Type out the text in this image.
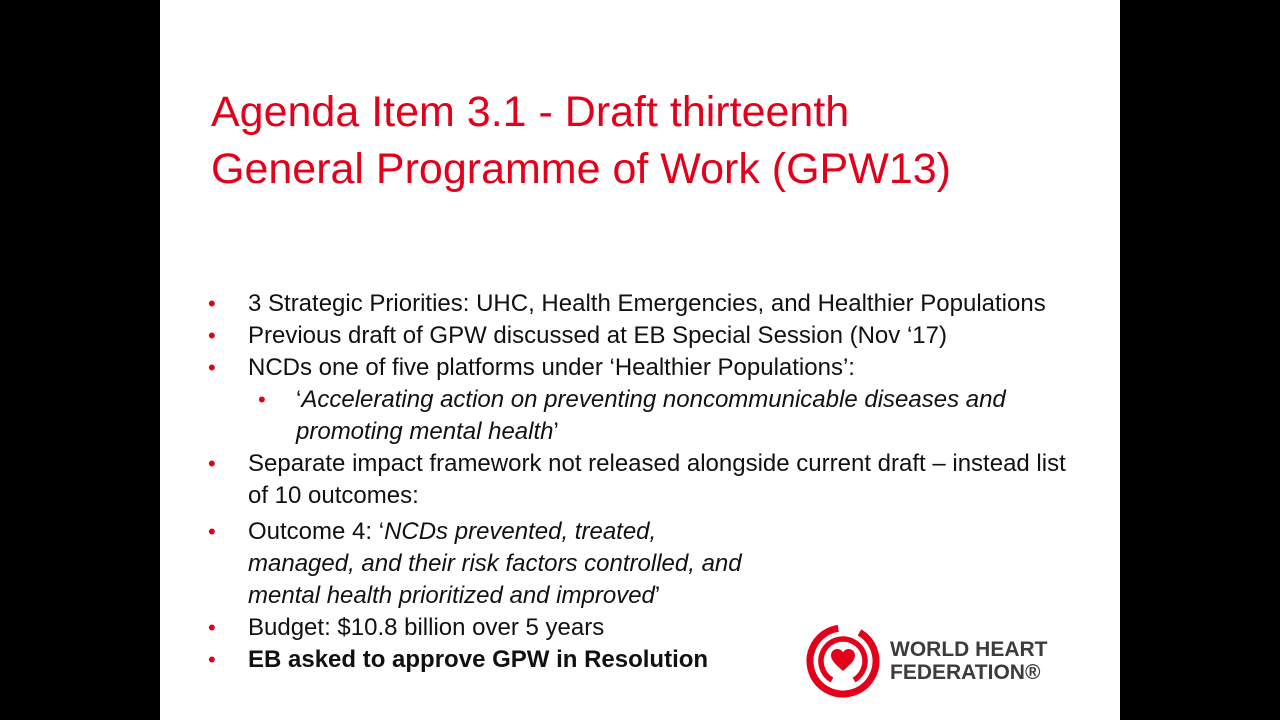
Agenda Item 3.1 - Draft thirteenth
General Programme of Work (GPW13)
• 3 Strategic Priorities: UHC, Health Emergencies, and Healthier Populations
• Previous draft of GPW discussed at EB Special Session (Nov ‘17)
• NCDs one of five platforms under ‘Healthier Populations’:
• ‘Accelerating action on preventing noncommunicable diseases and promoting mental health’
• Separate impact framework not released alongside current draft – instead list of 10 outcomes:
• Outcome 4: ‘NCDs prevented, treated, managed, and their risk factors controlled, and mental health prioritized and improved’
• Budget: $10.8 billion over 5 years
• EB asked to approve GPW in Resolution	WORLD HEART
FEDERATION®
